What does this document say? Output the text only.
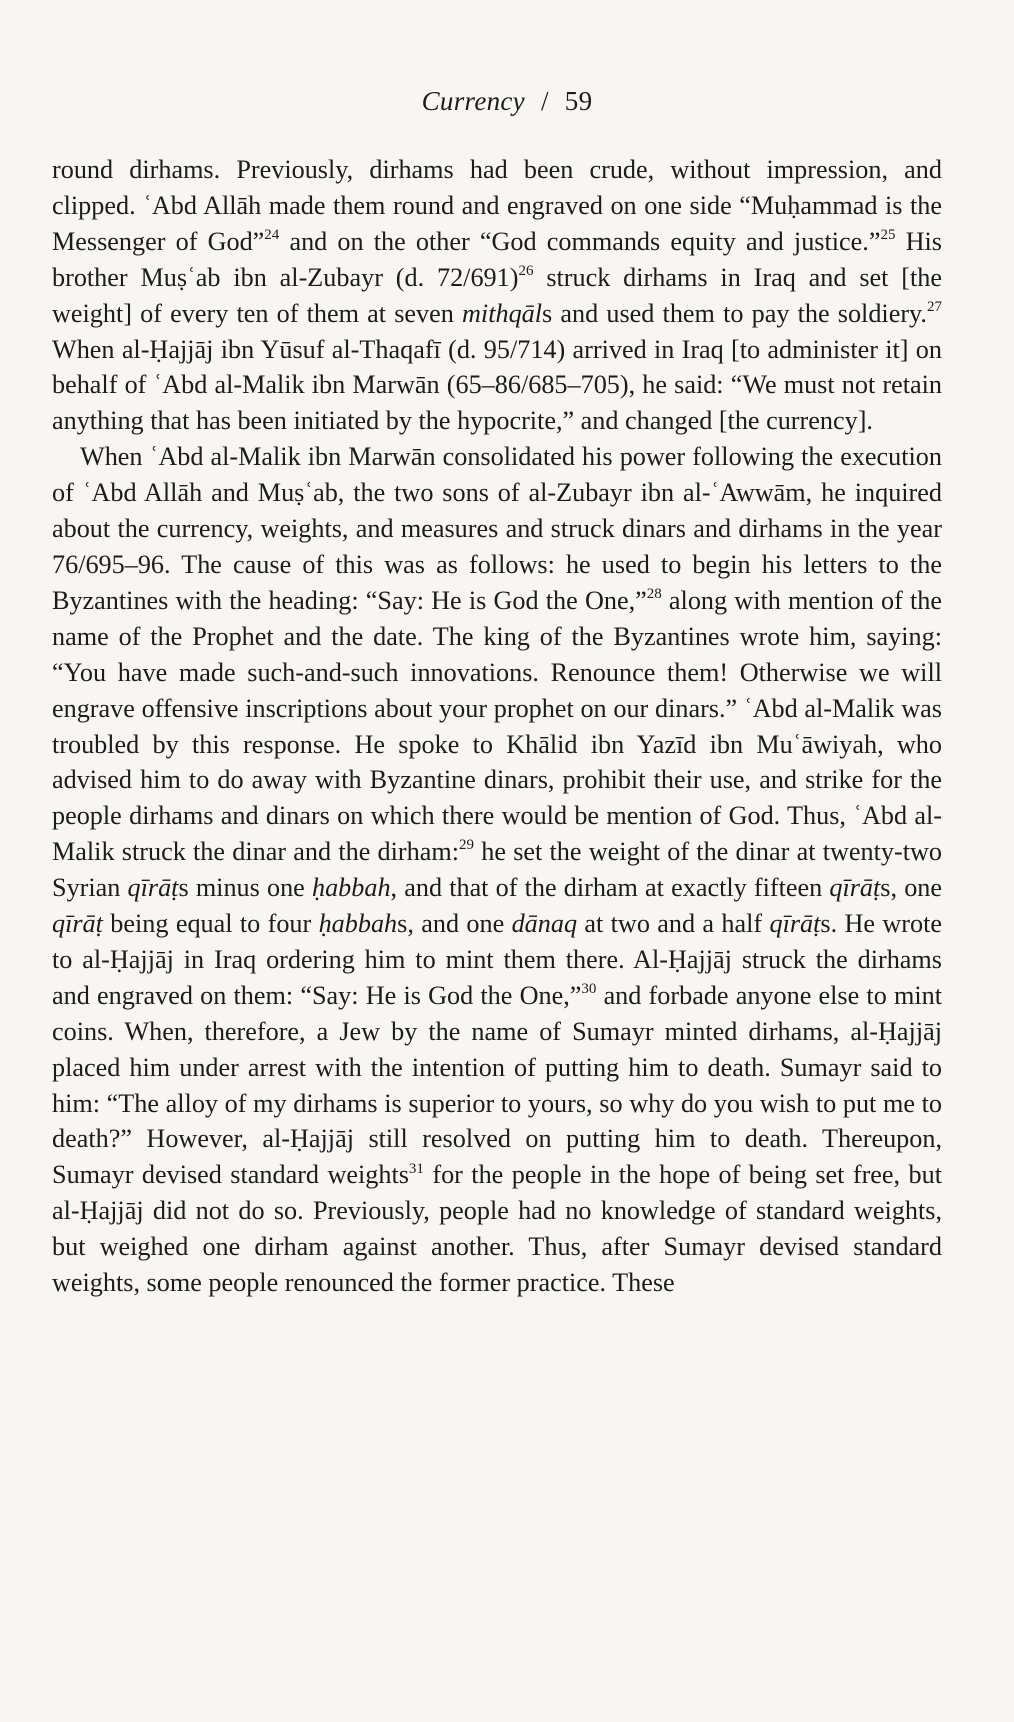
Currency / 59

round dirhams. Previously, dirhams had been crude, without impression, and clipped. ʿAbd Allāh made them round and engraved on one side “Muḥammad is the Messenger of God”$^{24}$ and on the other “God commands equity and justice.”$^{25}$ His brother Muṣʿab ibn al-Zubayr (d. 72/691)$^{26}$ struck dirhams in Iraq and set [the weight] of every ten of them at seven mithqāls and used them to pay the soldiery.$^{27}$ When al-Ḥajjāj ibn Yūsuf al-Thaqafī (d. 95/714) arrived in Iraq [to administer it] on behalf of ʿAbd al-Malik ibn Marwān (65–86/685–705), he said: “We must not retain anything that has been initiated by the hypocrite,” and changed [the currency].

When ʿAbd al-Malik ibn Marwān consolidated his power following the execution of ʿAbd Allāh and Muṣʿab, the two sons of al-Zubayr ibn al-ʿAwwām, he inquired about the currency, weights, and measures and struck dinars and dirhams in the year 76/695–96. The cause of this was as follows: he used to begin his letters to the Byzantines with the heading: “Say: He is God the One,”$^{28}$ along with mention of the name of the Prophet and the date. The king of the Byzantines wrote him, saying: “You have made such-and-such innovations. Renounce them! Otherwise we will engrave offensive inscriptions about your prophet on our dinars.” ʿAbd al-Malik was troubled by this response. He spoke to Khālid ibn Yazīd ibn Muʿāwiyah, who advised him to do away with Byzantine dinars, prohibit their use, and strike for the people dirhams and dinars on which there would be mention of God. Thus, ʿAbd al-Malik struck the dinar and the dirham:$^{29}$ he set the weight of the dinar at twenty-two Syrian qīrāṭs minus one ḥabbah, and that of the dirham at exactly fifteen qīrāṭs, one qīrāṭ being equal to four ḥabbahs, and one dānaq at two and a half qīrāṭs. He wrote to al-Ḥajjāj in Iraq ordering him to mint them there. Al-Ḥajjāj struck the dirhams and engraved on them: “Say: He is God the One,”$^{30}$ and forbade anyone else to mint coins. When, therefore, a Jew by the name of Sumayr minted dirhams, al-Ḥajjāj placed him under arrest with the intention of putting him to death. Sumayr said to him: “The alloy of my dirhams is superior to yours, so why do you wish to put me to death?” However, al-Ḥajjāj still resolved on putting him to death. Thereupon, Sumayr devised standard weights$^{31}$ for the people in the hope of being set free, but al-Ḥajjāj did not do so. Previously, people had no knowledge of standard weights, but weighed one dirham against another. Thus, after Sumayr devised standard weights, some people renounced the former practice. These
